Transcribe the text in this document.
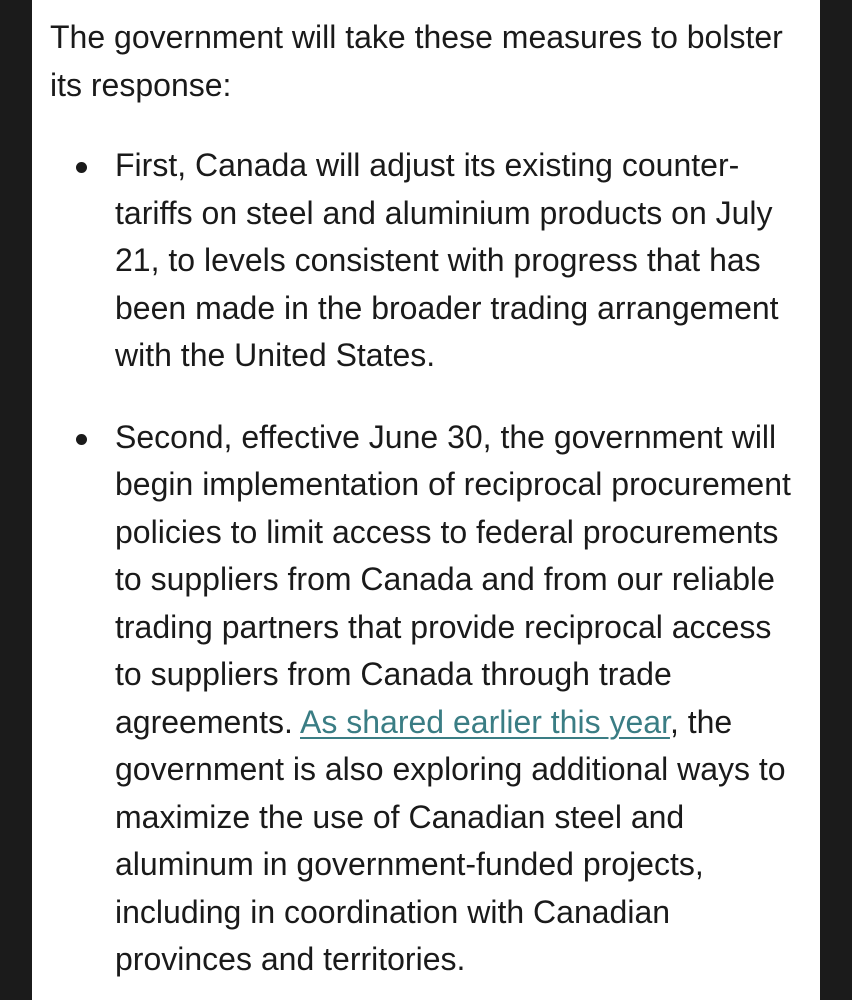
The government will take these measures to bolster its response:

First, Canada will adjust its existing counter-tariffs on steel and aluminium products on July 21, to levels consistent with progress that has been made in the broader trading arrangement with the United States.

Second, effective June 30, the government will begin implementation of reciprocal procurement policies to limit access to federal procurements to suppliers from Canada and from our reliable trading partners that provide reciprocal access to suppliers from Canada through trade agreements. As shared earlier this year, the government is also exploring additional ways to maximize the use of Canadian steel and aluminum in government-funded projects, including in coordination with Canadian provinces and territories.
